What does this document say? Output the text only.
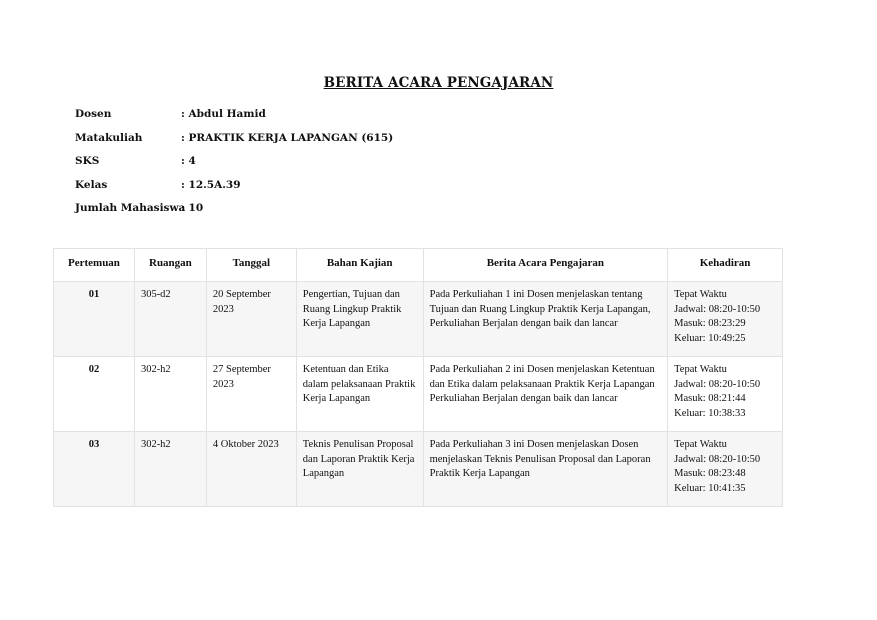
BERITA ACARA PENGAJARAN
Dosen	: Abdul Hamid
Matakuliah	: PRAKTIK KERJA LAPANGAN (615)
SKS	: 4
Kelas	: 12.5A.39
Jumlah Mahasiswa
: 10
Pertemuan	Ruangan	Tanggal	Bahan Kajian	Berita Acara Pengajaran	Kehadiran
01	305-d2	20 September 2023	Pengertian, Tujuan dan Ruang Lingkup Praktik Kerja Lapangan	Pada Perkuliahan 1 ini Dosen menjelaskan tentang Tujuan dan Ruang Lingkup Praktik Kerja Lapangan, Perkuliahan Berjalan dengan baik dan lancar	Tepat Waktu
Jadwal: 08:20-10:50
Masuk: 08:23:29
Keluar: 10:49:25

02	302-h2	27 September 2023	Ketentuan dan Etika dalam pelaksanaan Praktik Kerja Lapangan	Pada Perkuliahan 2 ini Dosen menjelaskan Ketentuan dan Etika dalam pelaksanaan Praktik Kerja Lapangan Perkuliahan Berjalan dengan baik dan lancar	Tepat Waktu
Jadwal: 08:20-10:50
Masuk: 08:21:44
Keluar: 10:38:33

03	302-h2	4 Oktober 2023	Teknis Penulisan Proposal dan Laporan Praktik Kerja Lapangan	Pada Perkuliahan 3 ini Dosen menjelaskan Dosen menjelaskan Teknis Penulisan Proposal dan Laporan Praktik Kerja Lapangan	Tepat Waktu
Jadwal: 08:20-10:50
Masuk: 08:23:48
Keluar: 10:41:35
